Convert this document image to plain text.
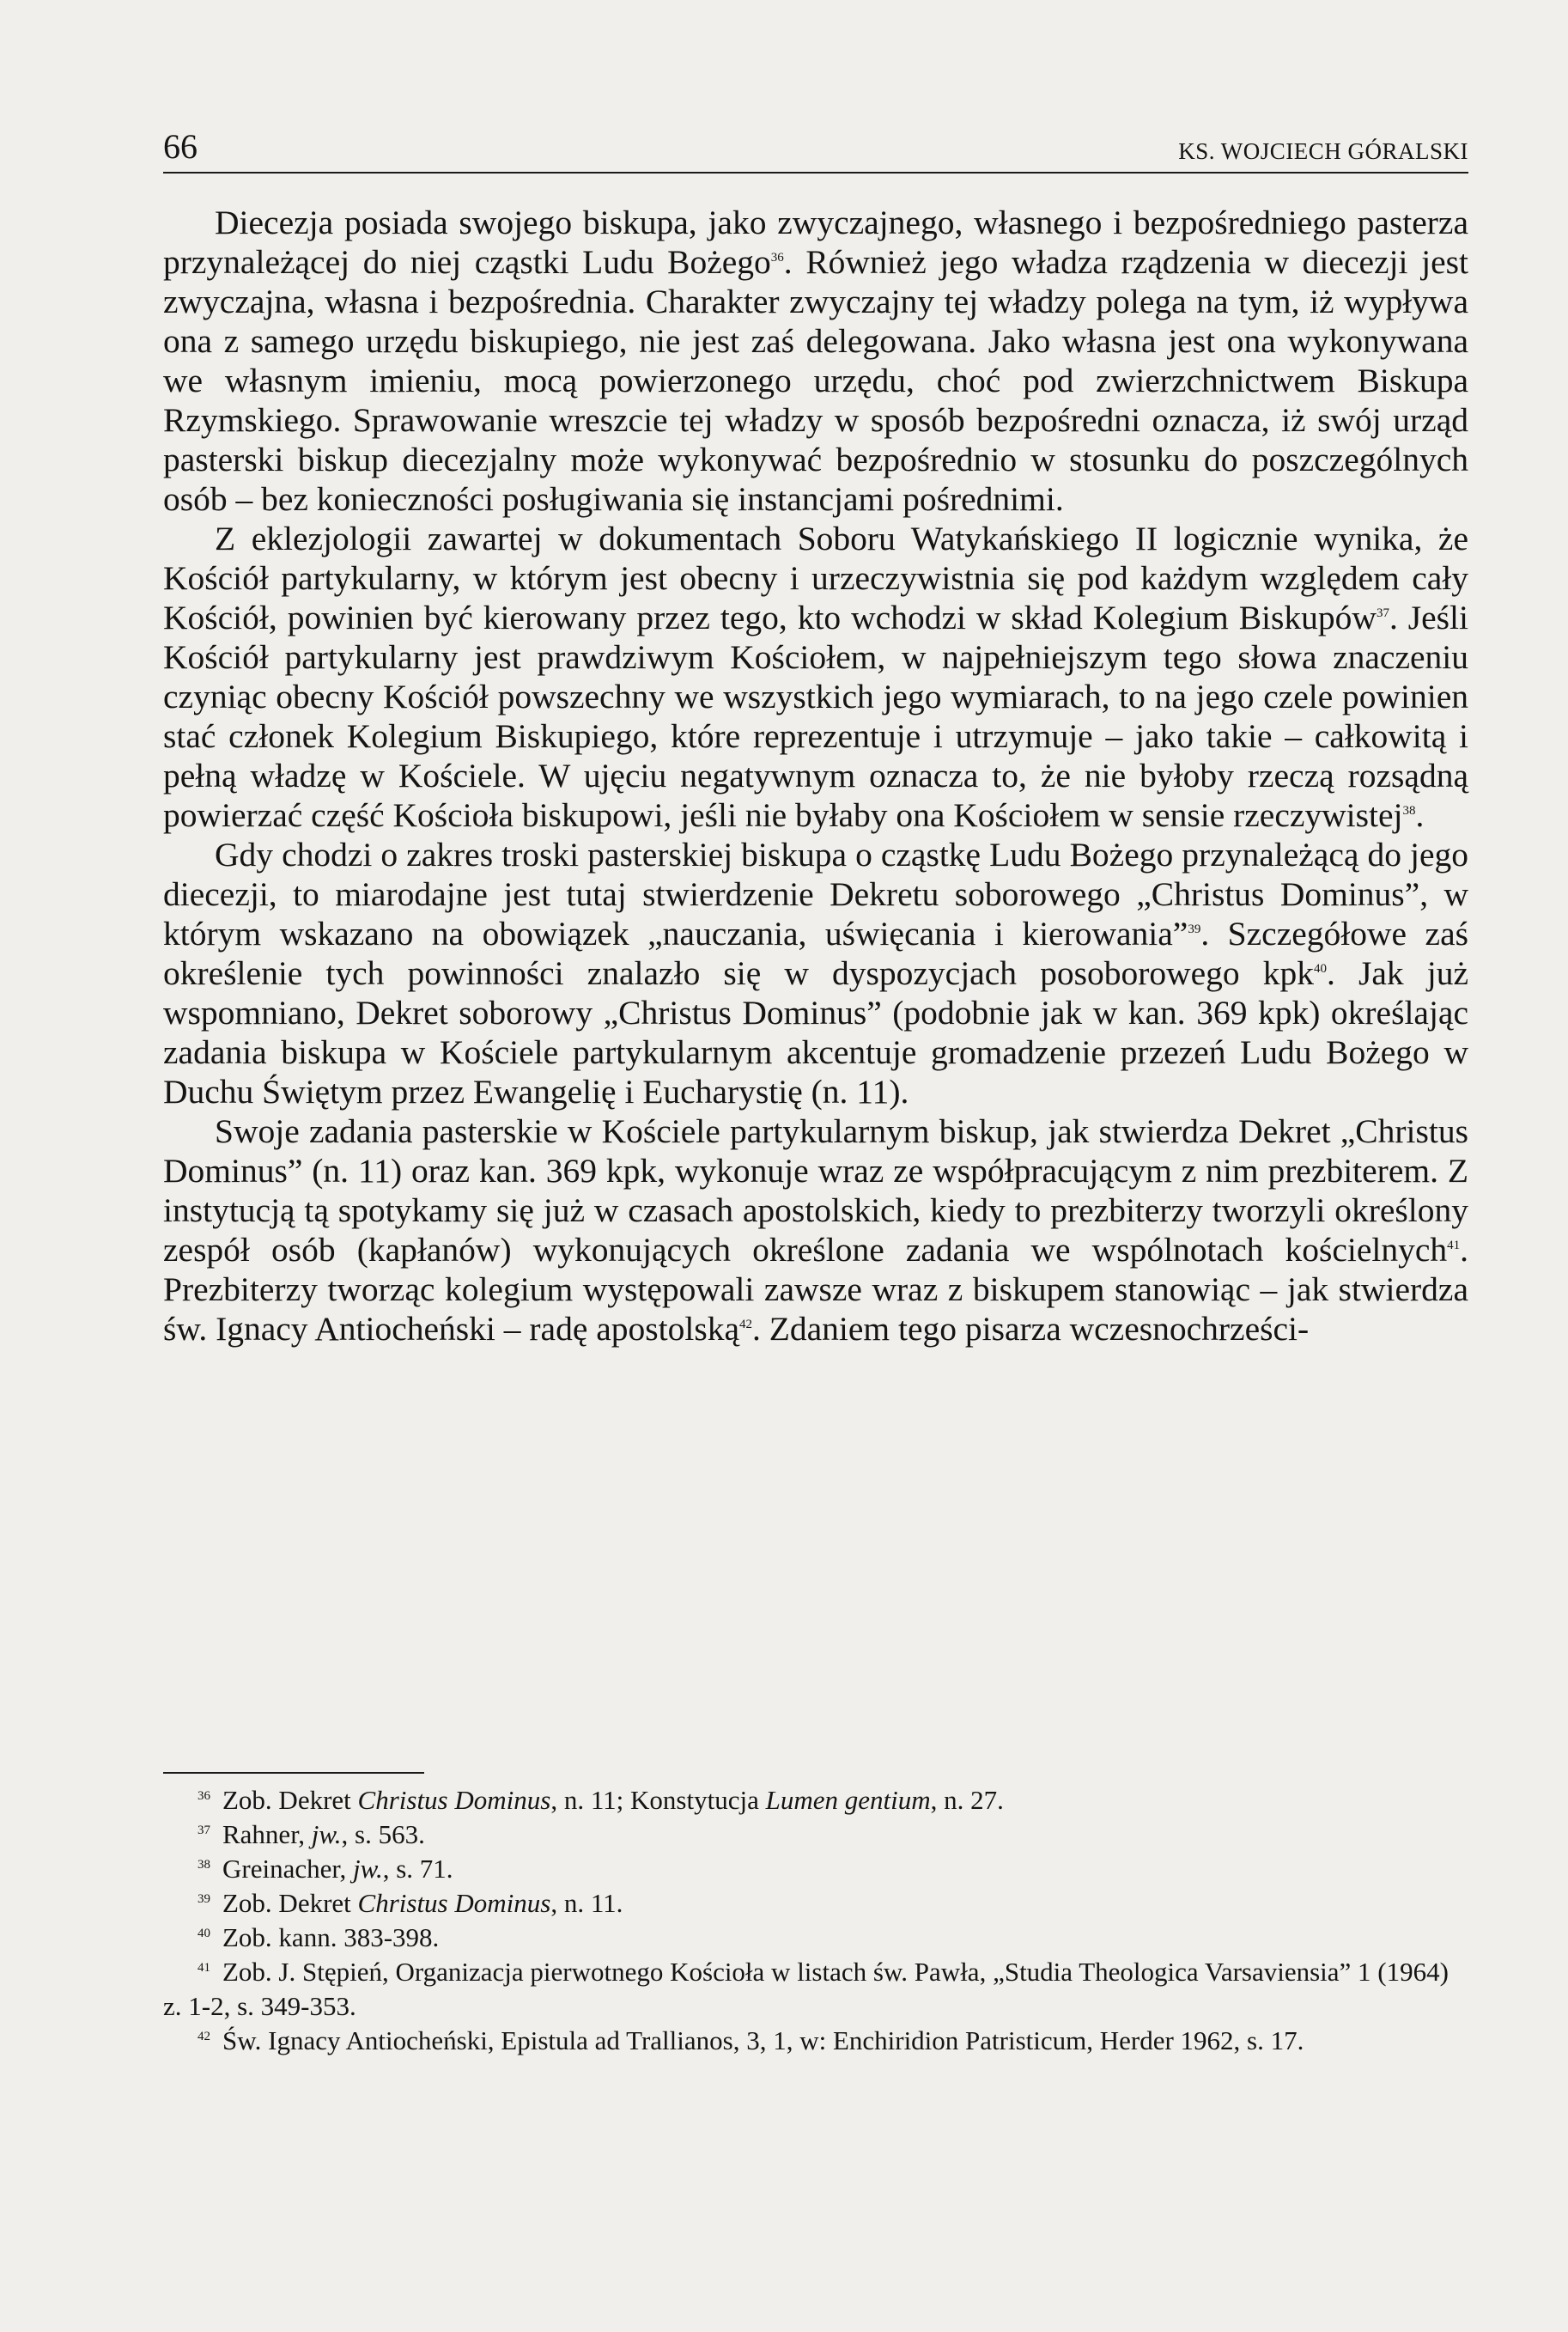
66	KS. WOJCIECH GÓRALSKI

Diecezja posiada swojego biskupa, jako zwyczajnego, własnego i bezpośredniego pasterza przynależącej do niej cząstki Ludu Bożego$^{36}$. Również jego władza rządzenia w diecezji jest zwyczajna, własna i bezpośrednia. Charakter zwyczajny tej władzy polega na tym, iż wypływa ona z samego urzędu biskupiego, nie jest zaś delegowana. Jako własna jest ona wykonywana we własnym imieniu, mocą powierzonego urzędu, choć pod zwierzchnictwem Biskupa Rzymskiego. Sprawowanie wreszcie tej władzy w sposób bezpośredni oznacza, iż swój urząd pasterski biskup diecezjalny może wykonywać bezpośrednio w stosunku do poszczególnych osób – bez konieczności posługiwania się instancjami pośrednimi.

Z eklezjologii zawartej w dokumentach Soboru Watykańskiego II logicznie wynika, że Kościół partykularny, w którym jest obecny i urzeczywistnia się pod każdym względem cały Kościół, powinien być kierowany przez tego, kto wchodzi w skład Kolegium Biskupów$^{37}$. Jeśli Kościół partykularny jest prawdziwym Kościołem, w najpełniejszym tego słowa znaczeniu czyniąc obecny Kościół powszechny we wszystkich jego wymiarach, to na jego czele powinien stać członek Kolegium Biskupiego, które reprezentuje i utrzymuje – jako takie – całkowitą i pełną władzę w Kościele. W ujęciu negatywnym oznacza to, że nie byłoby rzeczą rozsądną powierzać część Kościoła biskupowi, jeśli nie byłaby ona Kościołem w sensie rzeczywistej$^{38}$.

Gdy chodzi o zakres troski pasterskiej biskupa o cząstkę Ludu Bożego przynależącą do jego diecezji, to miarodajne jest tutaj stwierdzenie Dekretu soborowego „Christus Dominus”, w którym wskazano na obowiązek „nauczania, uświęcania i kierowania”$^{39}$. Szczegółowe zaś określenie tych powinności znalazło się w dyspozycjach posoborowego kpk$^{40}$. Jak już wspomniano, Dekret soborowy „Christus Dominus” (podobnie jak w kan. 369 kpk) określając zadania biskupa w Kościele partykularnym akcentuje gromadzenie przezeń Ludu Bożego w Duchu Świętym przez Ewangelię i Eucharystię (n. 11).

Swoje zadania pasterskie w Kościele partykularnym biskup, jak stwierdza Dekret „Christus Dominus” (n. 11) oraz kan. 369 kpk, wykonuje wraz ze współpracującym z nim prezbiterem. Z instytucją tą spotykamy się już w czasach apostolskich, kiedy to prezbiterzy tworzyli określony zespół osób (kapłanów) wykonujących określone zadania we wspólnotach kościelnych$^{41}$. Prezbiterzy tworząc kolegium występowali zawsze wraz z biskupem stanowiąc – jak stwierdza św. Ignacy Antiocheński – radę apostolską$^{42}$. Zdaniem tego pisarza wczesnochrześci-

$^{36}$ Zob. Dekret Christus Dominus, n. 11; Konstytucja Lumen gentium, n. 27.

$^{37}$ Rahner, jw., s. 563.

$^{38}$ Greinacher, jw., s. 71.

$^{39}$ Zob. Dekret Christus Dominus, n. 11.

$^{40}$ Zob. kann. 383-398.

$^{41}$ Zob. J. Stępień, Organizacja pierwotnego Kościoła w listach św. Pawła, „Studia Theologica Varsaviensia” 1 (1964) z. 1-2, s. 349-353.

$^{42}$ Św. Ignacy Antiocheński, Epistula ad Trallianos, 3, 1, w: Enchiridion Patristicum, Herder 1962, s. 17.
